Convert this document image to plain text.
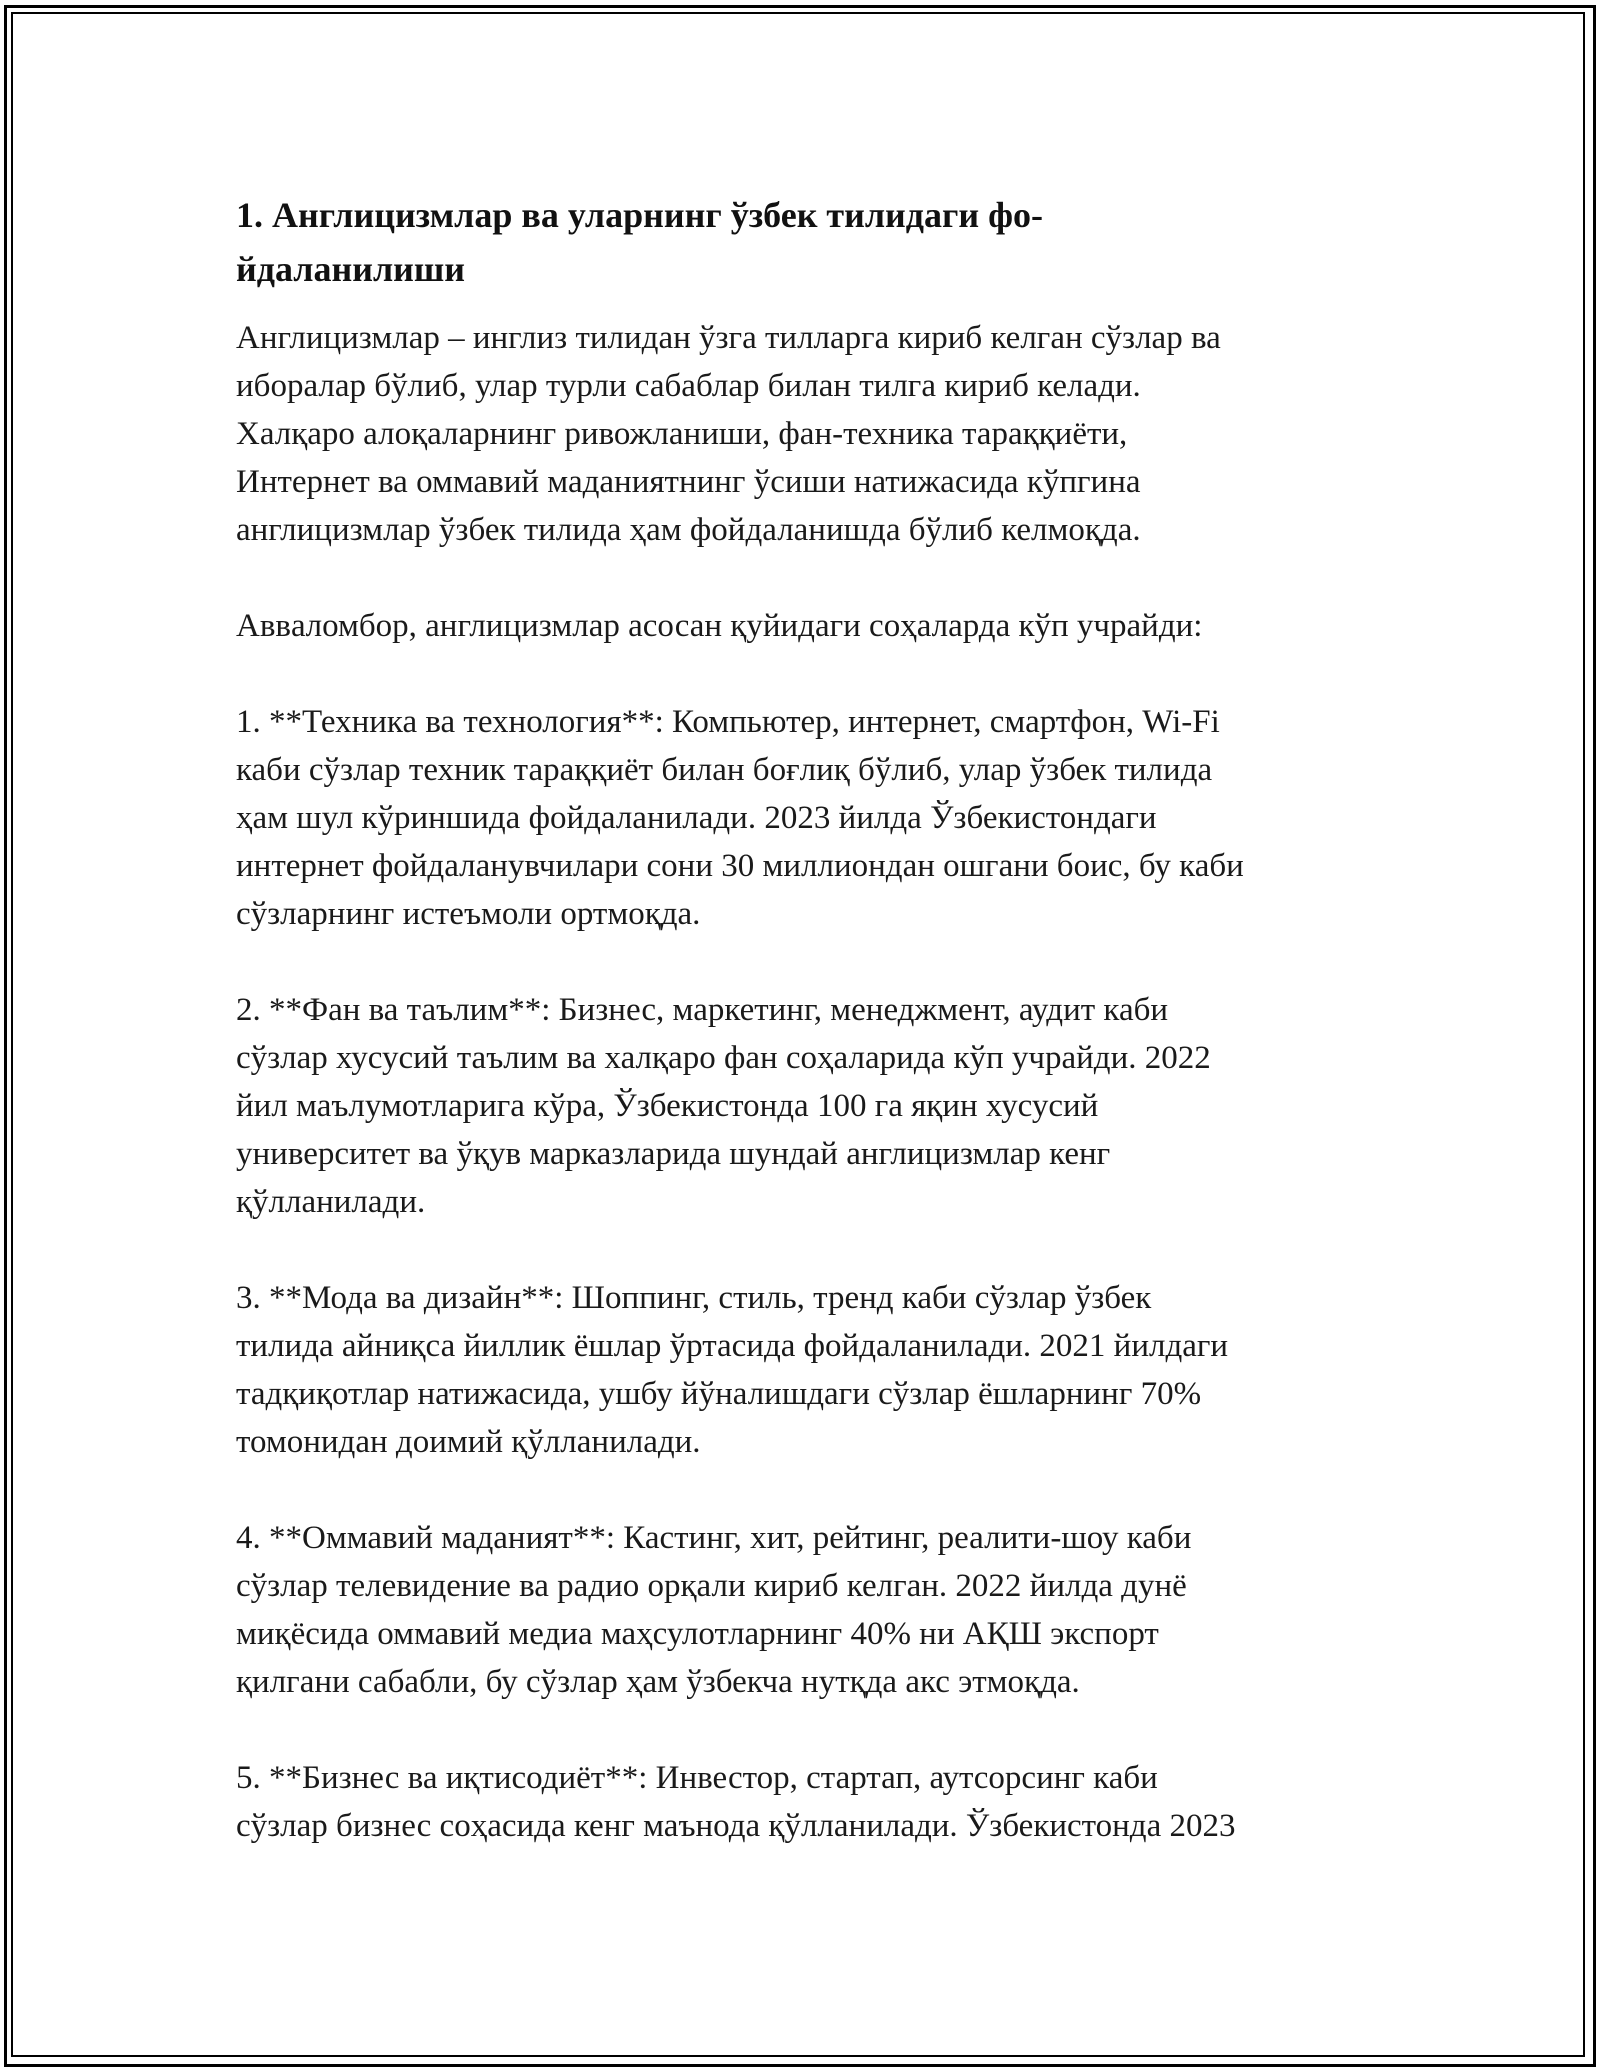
1. Англицизмлар ва уларнинг ўзбек тилидаги фо-
йдаланилиши

Англицизмлар – инглиз тилидан ўзга тилларга кириб келган сўзлар ва
иборалар бўлиб, улар турли сабаблар билан тилга кириб келади.
Халқаро алоқаларнинг ривожланиши, фан-техника тараққиёти,
Интернет ва оммавий маданиятнинг ўсиши натижасида кўпгина
англицизмлар ўзбек тилида ҳам фойдаланишда бўлиб келмоқда.

Аввaломбор, англицизмлар асосан қуйидаги соҳаларда кўп учрайди:

1. **Техника ва технология**: Компьютер, интернет, смартфон, Wi-Fi
каби сўзлар техник тараққиёт билан боғлиқ бўлиб, улар ўзбек тилида
ҳам шул кўриншида фойдаланилади. 2023 йилда Ўзбекистондаги
интернет фойдаланувчилари сони 30 миллиондан ошгани боис, бу каби
сўзларнинг истеъмоли ортмоқда.

2. **Фан ва таълим**: Бизнес, маркетинг, менеджмент, аудит каби
сўзлар хусусий таълим ва халқаро фан соҳаларида кўп учрайди. 2022
йил маълумотларига кўра, Ўзбекистонда 100 га яқин хусусий
университет ва ўқув марказларида шундай англицизмлар кенг
қўлланилади.

3. **Мода ва дизайн**: Шоппинг, стиль, тренд каби сўзлар ўзбек
тилида айниқса йиллик ёшлар ўртасида фойдаланилади. 2021 йилдаги
тадқиқотлар натижасида, ушбу йўналишдаги сўзлар ёшларнинг 70%
томонидан доимий қўлланилади.

4. **Оммавий маданият**: Кастинг, хит, рейтинг, реалити-шоу каби
сўзлар телевидение ва радио орқали кириб келган. 2022 йилда дунё
миқёсида оммавий медиа маҳсулотларнинг 40% ни АҚШ экспорт
қилгани сабабли, бу сўзлар ҳам ўзбекча нутқда акс этмоқда.

5. **Бизнес ва иқтисодиёт**: Инвестор, стартап, аутсорсинг каби
сўзлар бизнес соҳасида кенг маънода қўлланилади. Ўзбекистонда 2023
